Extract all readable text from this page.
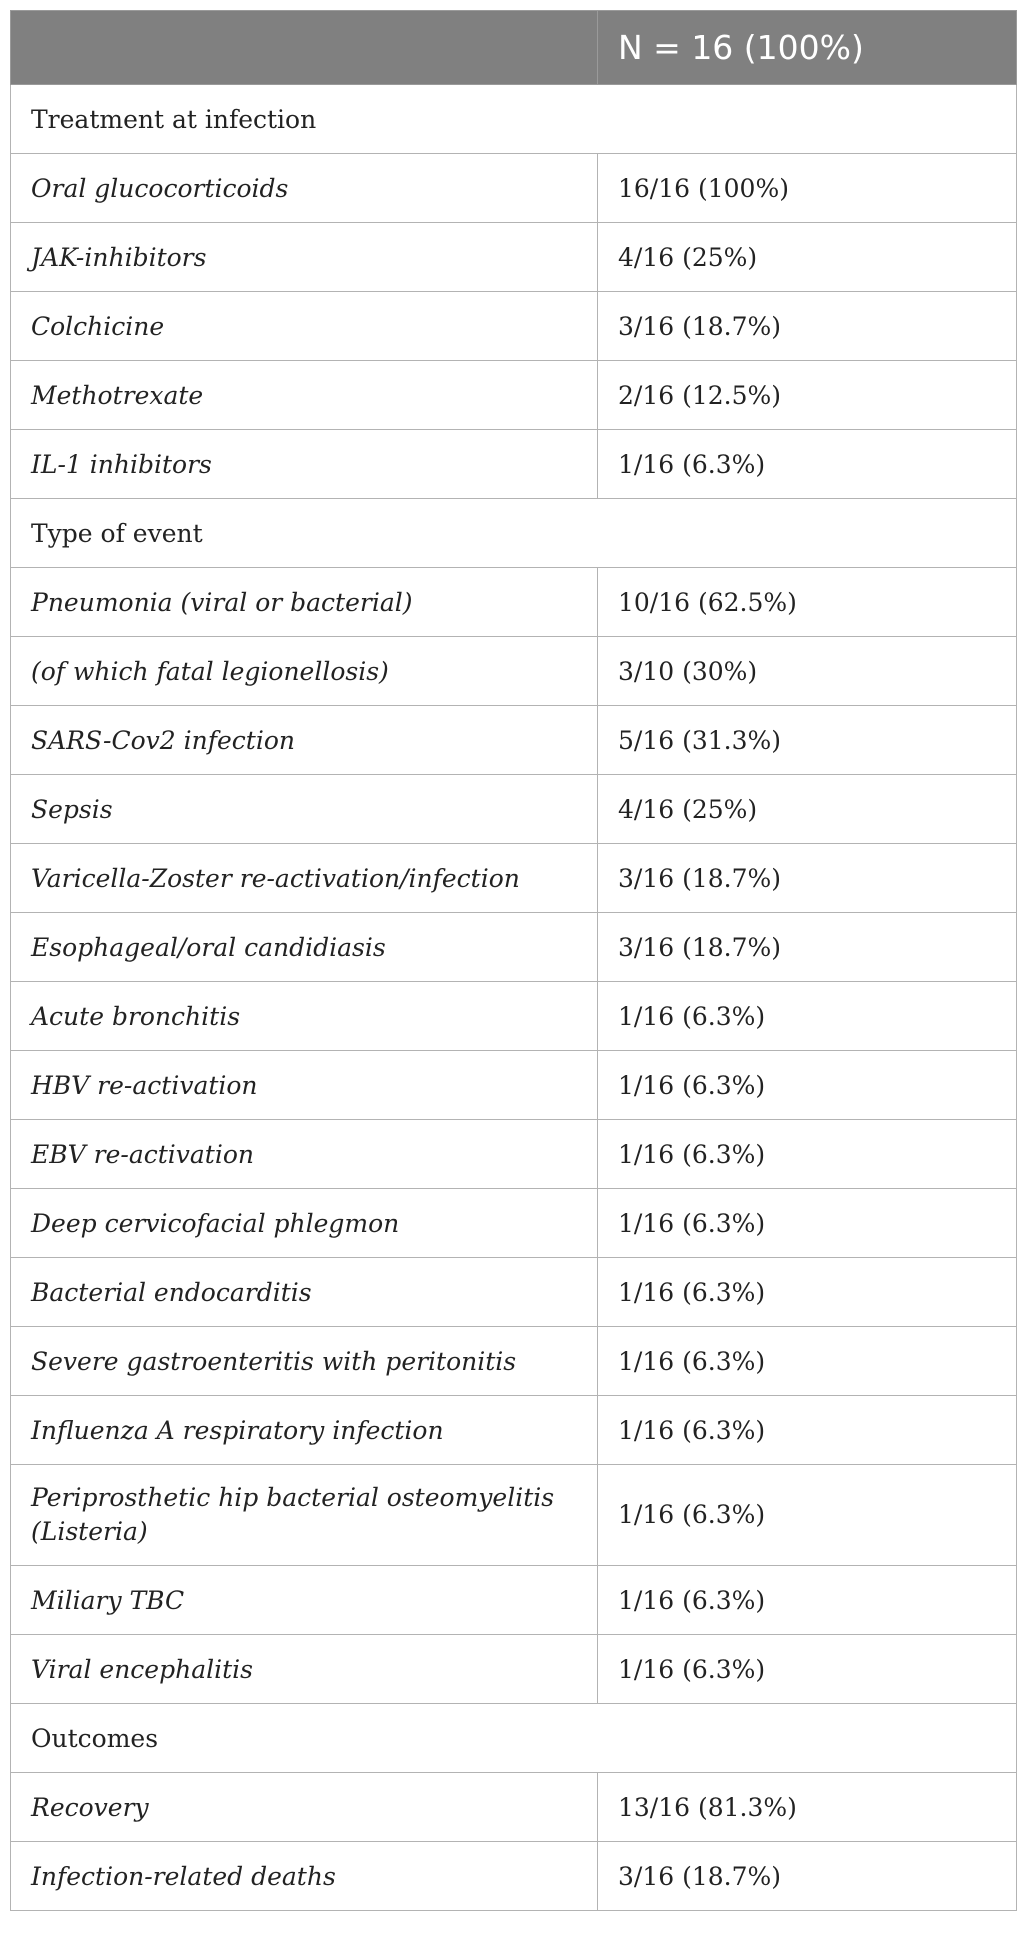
	N = 16 (100%)
Treatment at infection	
Oral glucocorticoids	16/16 (100%)
JAK-inhibitors	4/16 (25%)
Colchicine	3/16 (18.7%)
Methotrexate	2/16 (12.5%)
IL-1 inhibitors	1/16 (6.3%)
Type of event	
Pneumonia (viral or bacterial)	10/16 (62.5%)
(of which fatal legionellosis)	3/10 (30%)
SARS-Cov2 infection	5/16 (31.3%)
Sepsis	4/16 (25%)
Varicella-Zoster re-activation/infection	3/16 (18.7%)
Esophageal/oral candidiasis	3/16 (18.7%)
Acute bronchitis	1/16 (6.3%)
HBV re-activation	1/16 (6.3%)
EBV re-activation	1/16 (6.3%)
Deep cervicofacial phlegmon	1/16 (6.3%)
Bacterial endocarditis	1/16 (6.3%)
Severe gastroenteritis with peritonitis	1/16 (6.3%)
Influenza A respiratory infection	1/16 (6.3%)
Periprosthetic hip bacterial osteomyelitis (Listeria)	1/16 (6.3%)
Miliary TBC	1/16 (6.3%)
Viral encephalitis	1/16 (6.3%)
Outcomes	
Recovery	13/16 (81.3%)
Infection-related deaths	3/16 (18.7%)
